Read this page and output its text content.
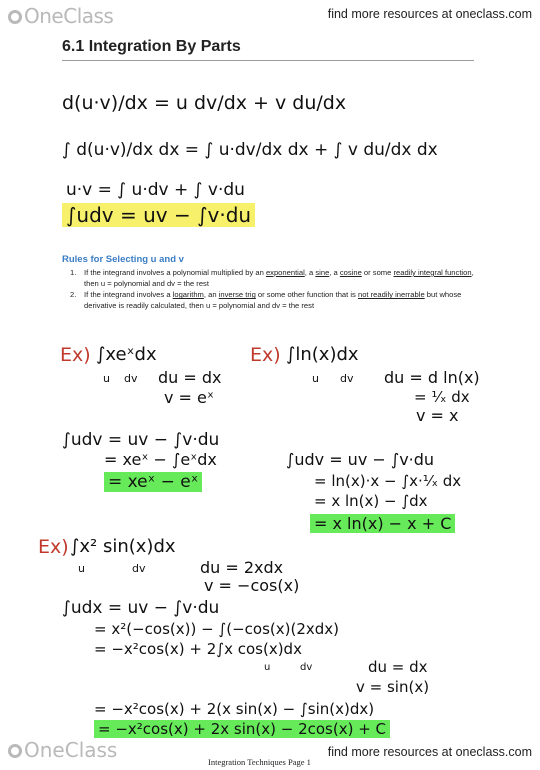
OneClass	find more resources at oneclass.com
6.1 Integration By Parts
d(u·v)/dx = u dv/dx + v du/dx
∫ d(u·v)/dx dx = ∫ u·dv/dx dx + ∫ v du/dx dx
u·v = ∫ u·dv + ∫ v·du
∫udv = uv − ∫v·du
Rules for Selecting u and v
1.	If the integrand involves a polynomial multiplied by an exponential, a sine, a cosine or some readily integral function, then u = polynomial and dv = the rest
2.	If the integrand involves a logarithm, an inverse trig or some other function that is not readily inerrable but whose derivative is readily calculated, then u = polynomial and dv = the rest
Ex) ∫xeˣdx
u dv du = dx
v = eˣ
∫udv = uv − ∫v·du
= xeˣ − ∫eˣdx
= xeˣ − eˣ
Ex) ∫ln(x)dx
u dv du = d ln(x)
= ¹⁄ₓ dx
v = x
∫udv = uv − ∫v·du
= ln(x)·x − ∫x·¹⁄ₓ dx
= x ln(x) − ∫dx
= x ln(x) − x + C
Ex) ∫x² sin(x)dx
u	dv	du = 2xdx
v = −cos(x)
∫udx = uv − ∫v·du
= x²(−cos(x)) − ∫(−cos(x)(2xdx)
= −x²cos(x) + 2∫x cos(x)dx
u	dv	du = dx
v = sin(x)
= −x²cos(x) + 2(x sin(x) − ∫sin(x)dx)
= −x²cos(x) + 2x sin(x) − 2cos(x) + C
OneClass	Integration Techniques Page 1
find more resources at oneclass.com
